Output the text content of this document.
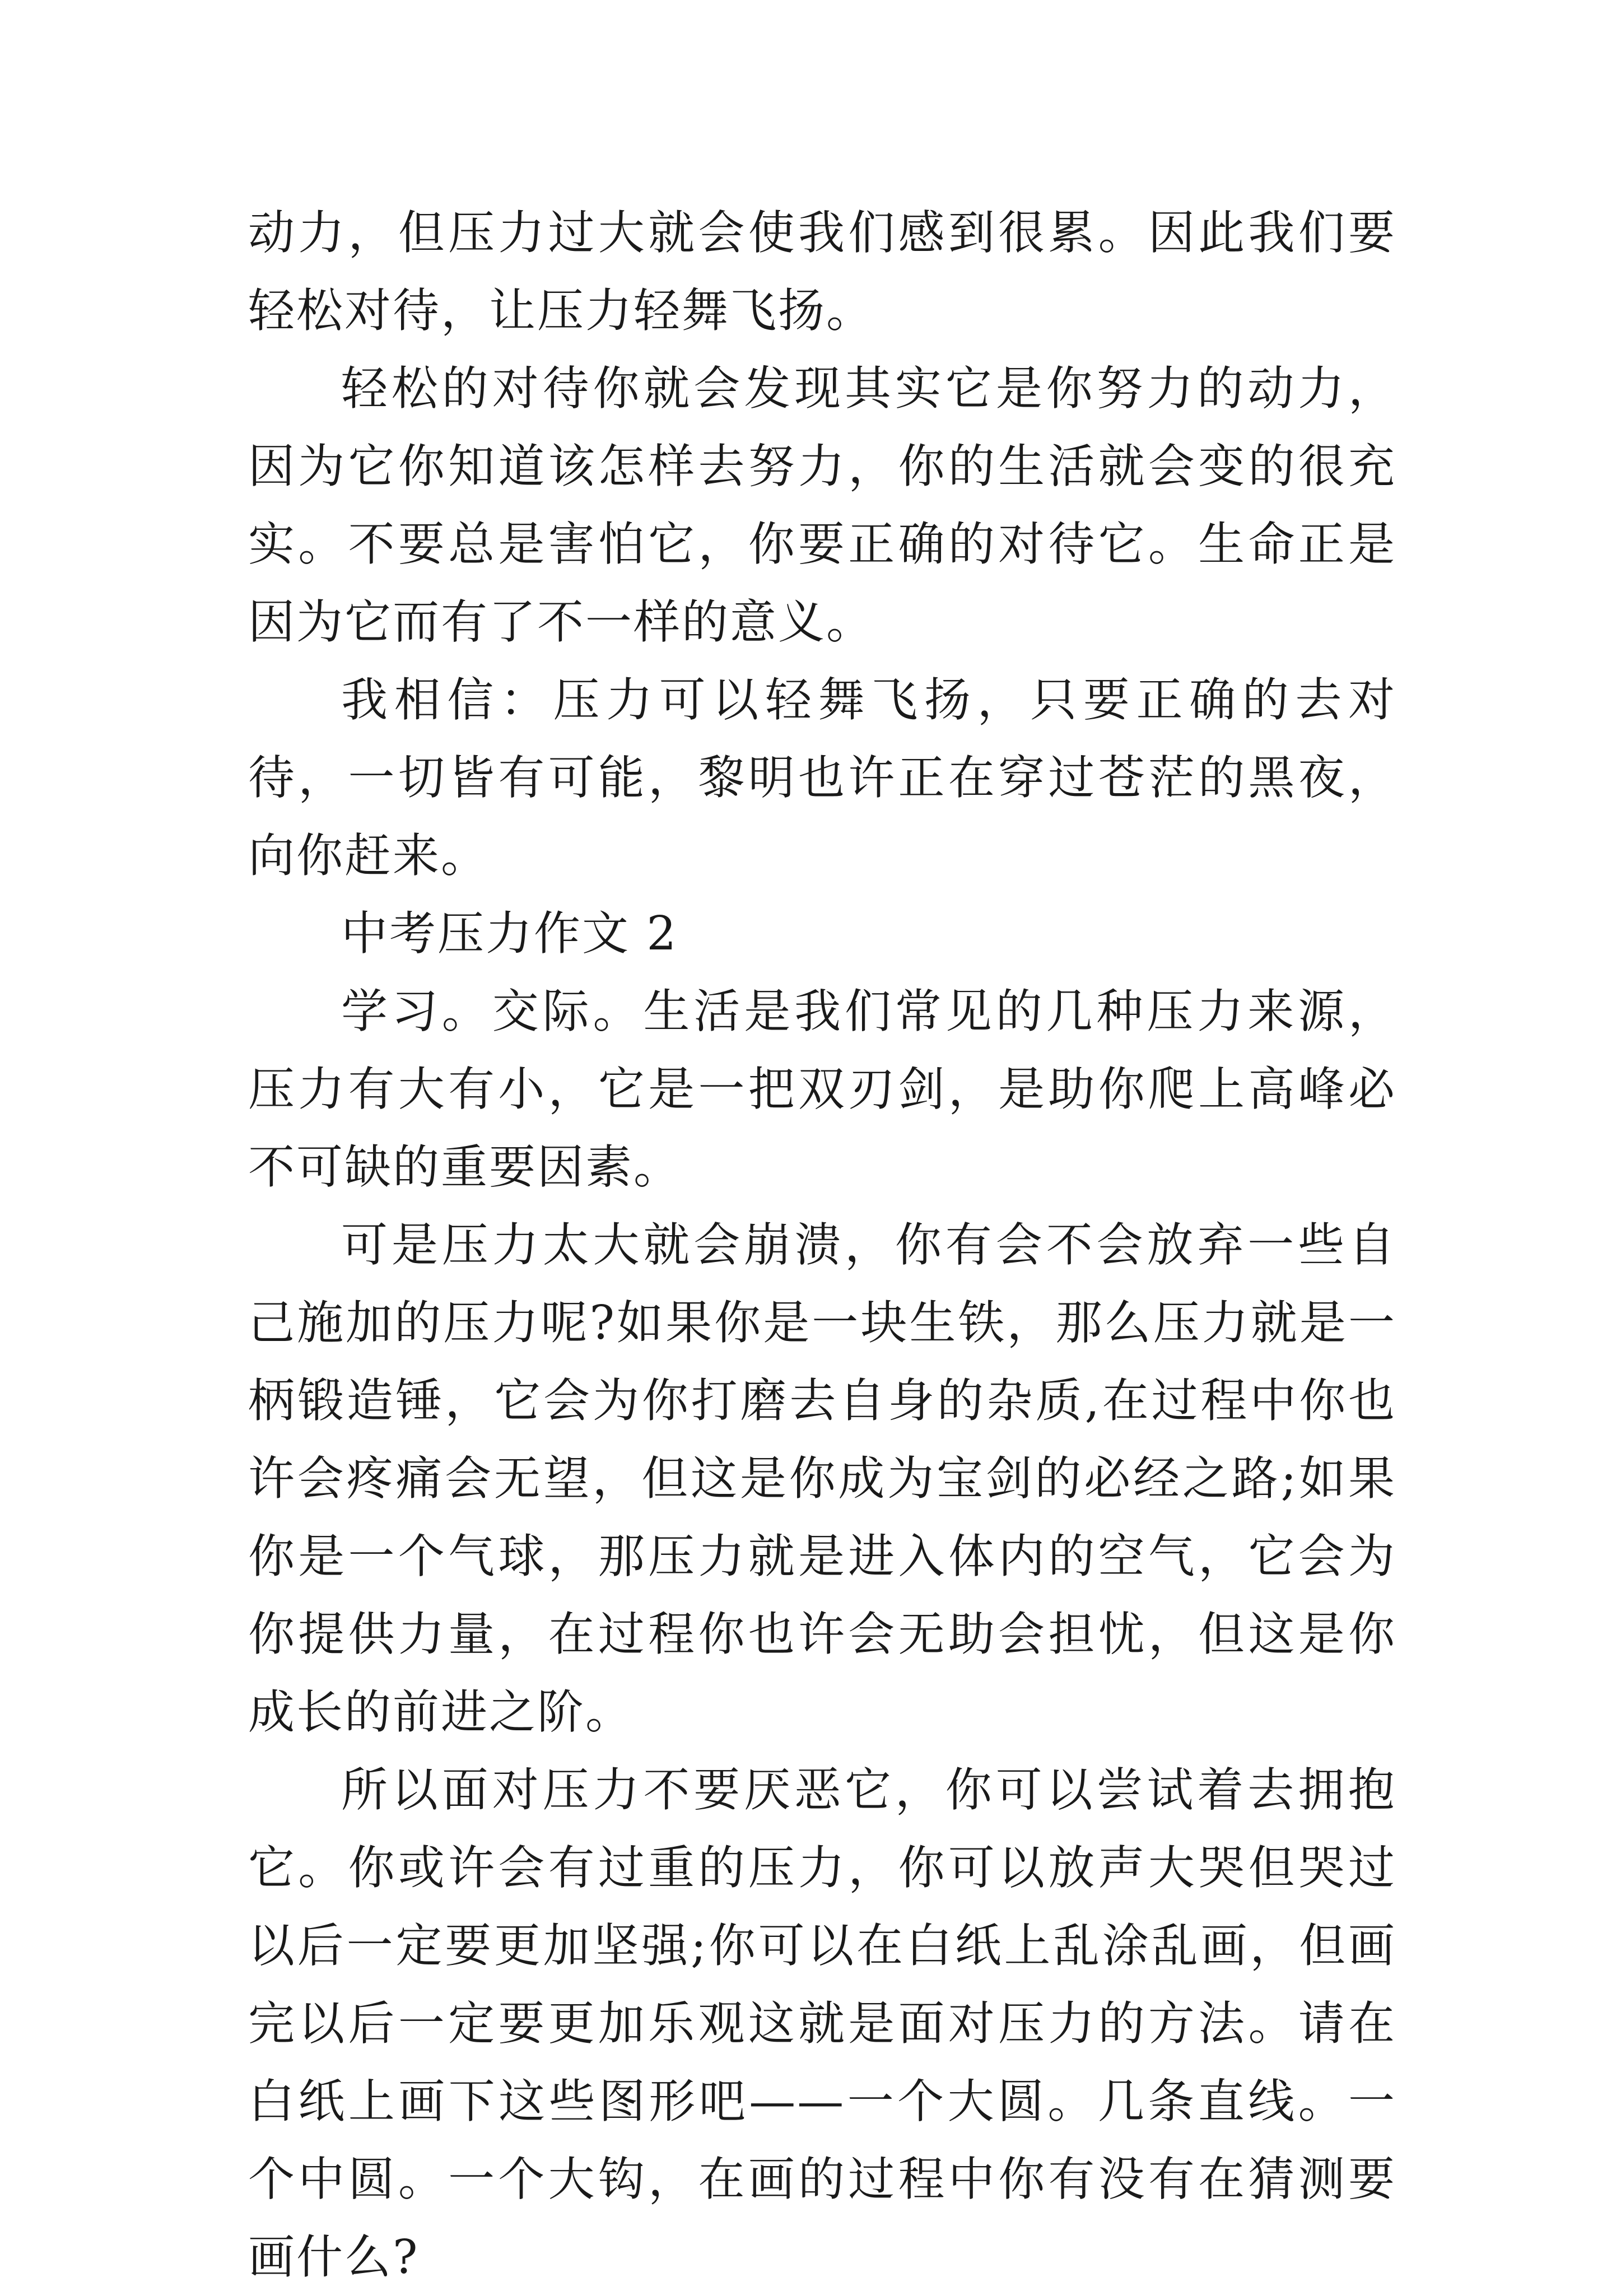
动力，但压力过大就会使我们感到很累。因此我们要轻松对待，让压力轻舞飞扬。

轻松的对待你就会发现其实它是你努力的动力，因为它你知道该怎样去努力，你的生活就会变的很充实。不要总是害怕它，你要正确的对待它。生命正是因为它而有了不一样的意义。

我相信：压力可以轻舞飞扬，只要正确的去对待，一切皆有可能，黎明也许正在穿过苍茫的黑夜，向你赶来。

中考压力作文 2

学习。交际。生活是我们常见的几种压力来源，压力有大有小，它是一把双刃剑，是助你爬上高峰必不可缺的重要因素。

可是压力太大就会崩溃，你有会不会放弃一些自己施加的压力呢?如果你是一块生铁，那么压力就是一柄锻造锤，它会为你打磨去自身的杂质,在过程中你也许会疼痛会无望，但这是你成为宝剑的必经之路;如果你是一个气球，那压力就是进入体内的空气，它会为你提供力量，在过程你也许会无助会担忧，但这是你成长的前进之阶。

所以面对压力不要厌恶它，你可以尝试着去拥抱它。你或许会有过重的压力，你可以放声大哭但哭过以后一定要更加坚强;你可以在白纸上乱涂乱画，但画完以后一定要更加乐观这就是面对压力的方法。请在白纸上画下这些图形吧——一个大圆。几条直线。一个中圆。一个大钩，在画的过程中你有没有在猜测要画什么?
